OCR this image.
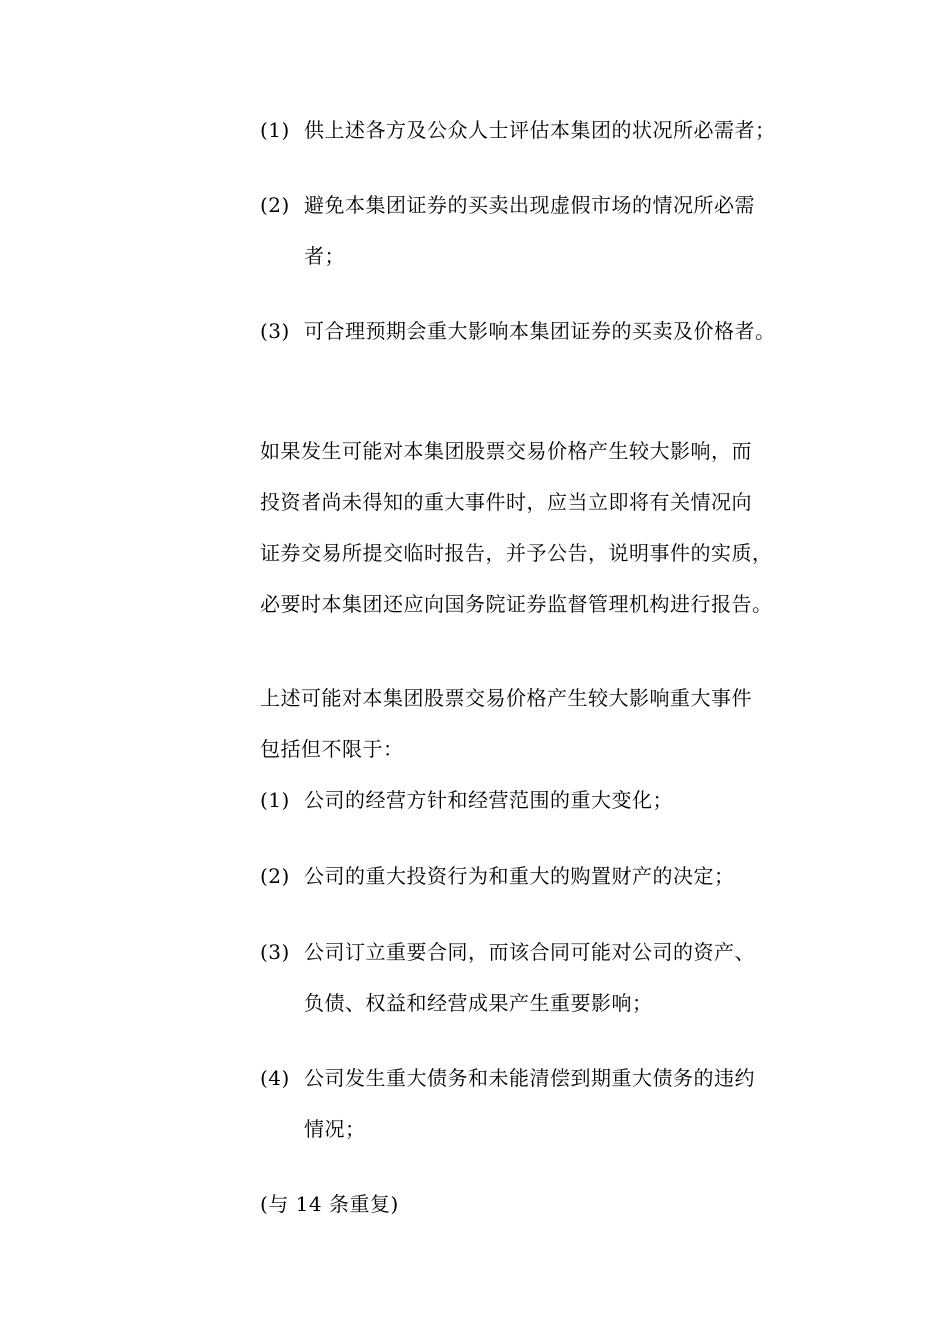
(1) 供上述各方及公众人士评估本集团的状况所必需者；
(2) 避免本集团证券的买卖出现虚假市场的情况所必需
者；
(3) 可合理预期会重大影响本集团证券的买卖及价格者。
如果发生可能对本集团股票交易价格产生较大影响，而
投资者尚未得知的重大事件时，应当立即将有关情况向
证券交易所提交临时报告，并予公告，说明事件的实质，
必要时本集团还应向国务院证券监督管理机构进行报告。
上述可能对本集团股票交易价格产生较大影响重大事件
包括但不限于：
(1) 公司的经营方针和经营范围的重大变化；
(2) 公司的重大投资行为和重大的购置财产的决定；
(3) 公司订立重要合同，而该合同可能对公司的资产、
负债、权益和经营成果产生重要影响；
(4) 公司发生重大债务和未能清偿到期重大债务的违约
情况；
(与 14 条重复)
